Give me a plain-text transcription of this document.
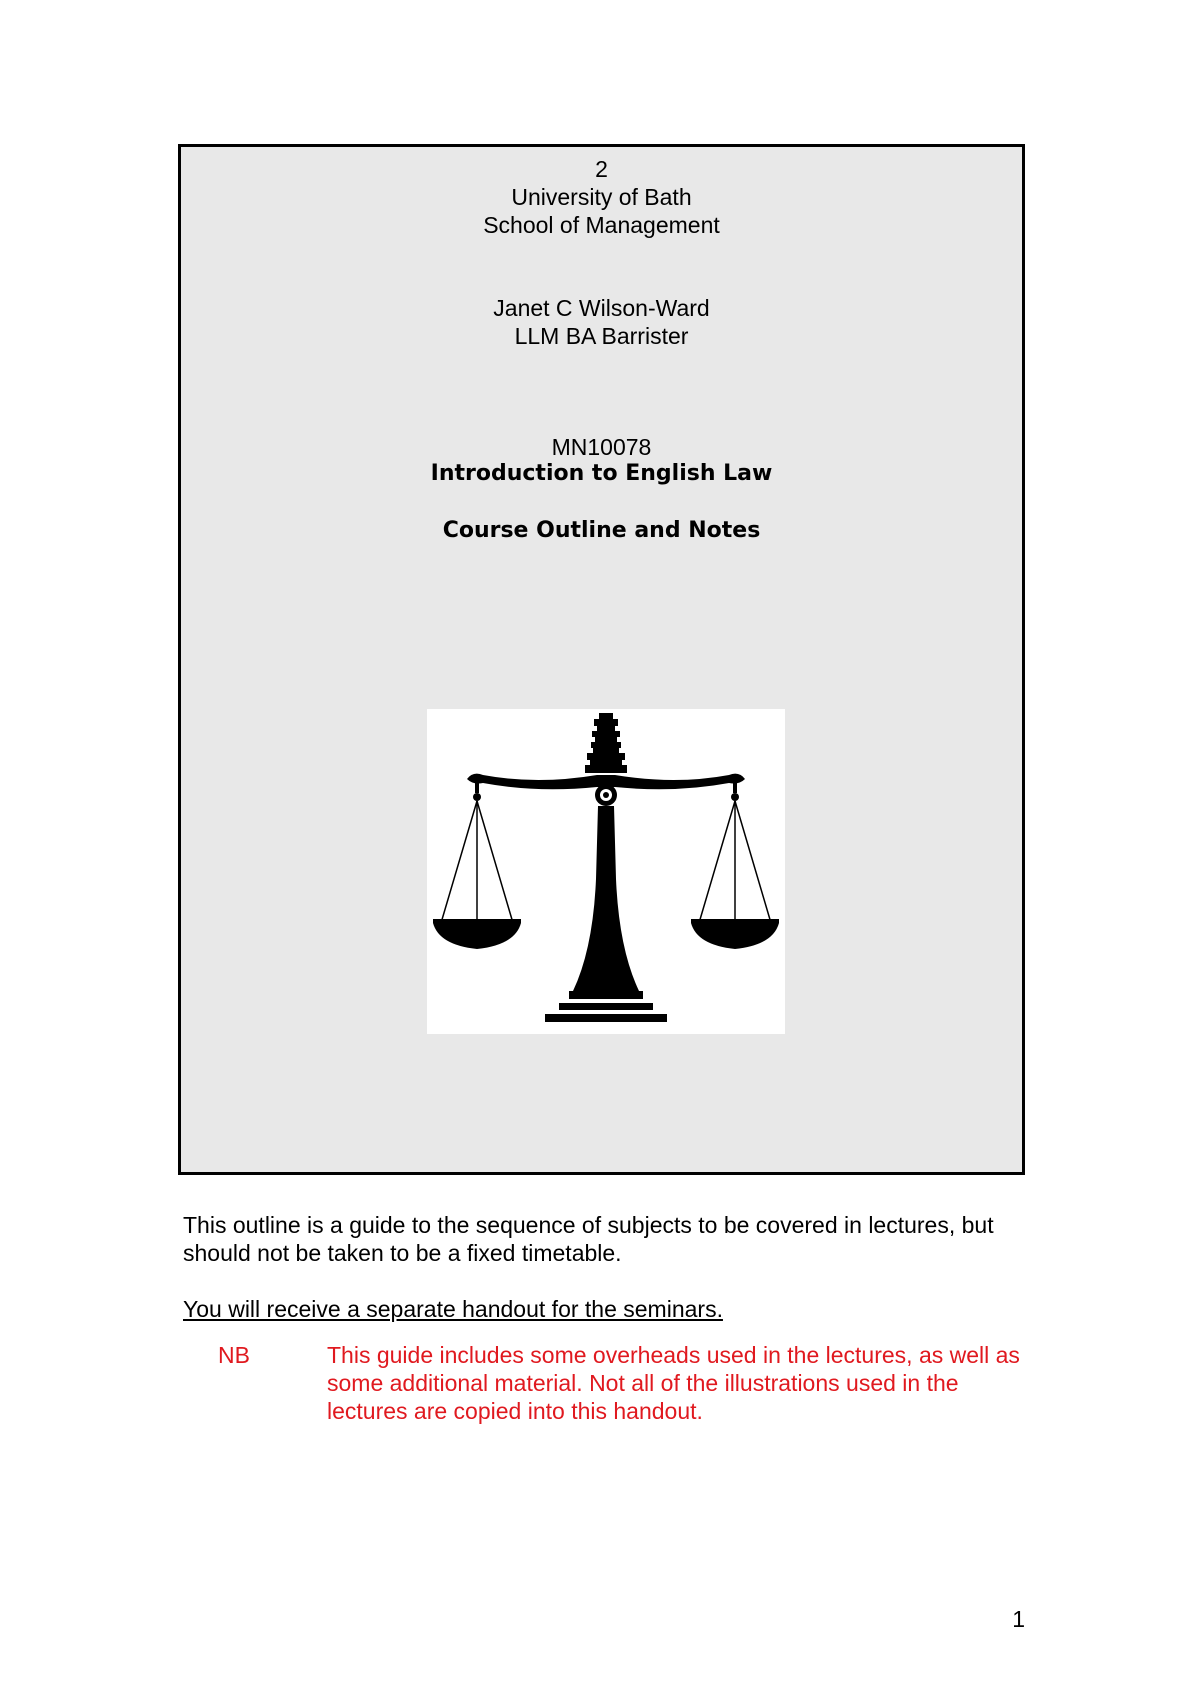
2
University of Bath
School of Management
Janet C Wilson-Ward
LLM BA Barrister
MN10078
Introduction to English Law
Course Outline and Notes
This outline is a guide to the sequence of subjects to be covered in lectures, but should not be taken to be a fixed timetable.
You will receive a separate handout for the seminars.
NB	This guide includes some overheads used in the lectures, as well as some additional material. Not all of the illustrations used in the lectures are copied into this handout.
1
